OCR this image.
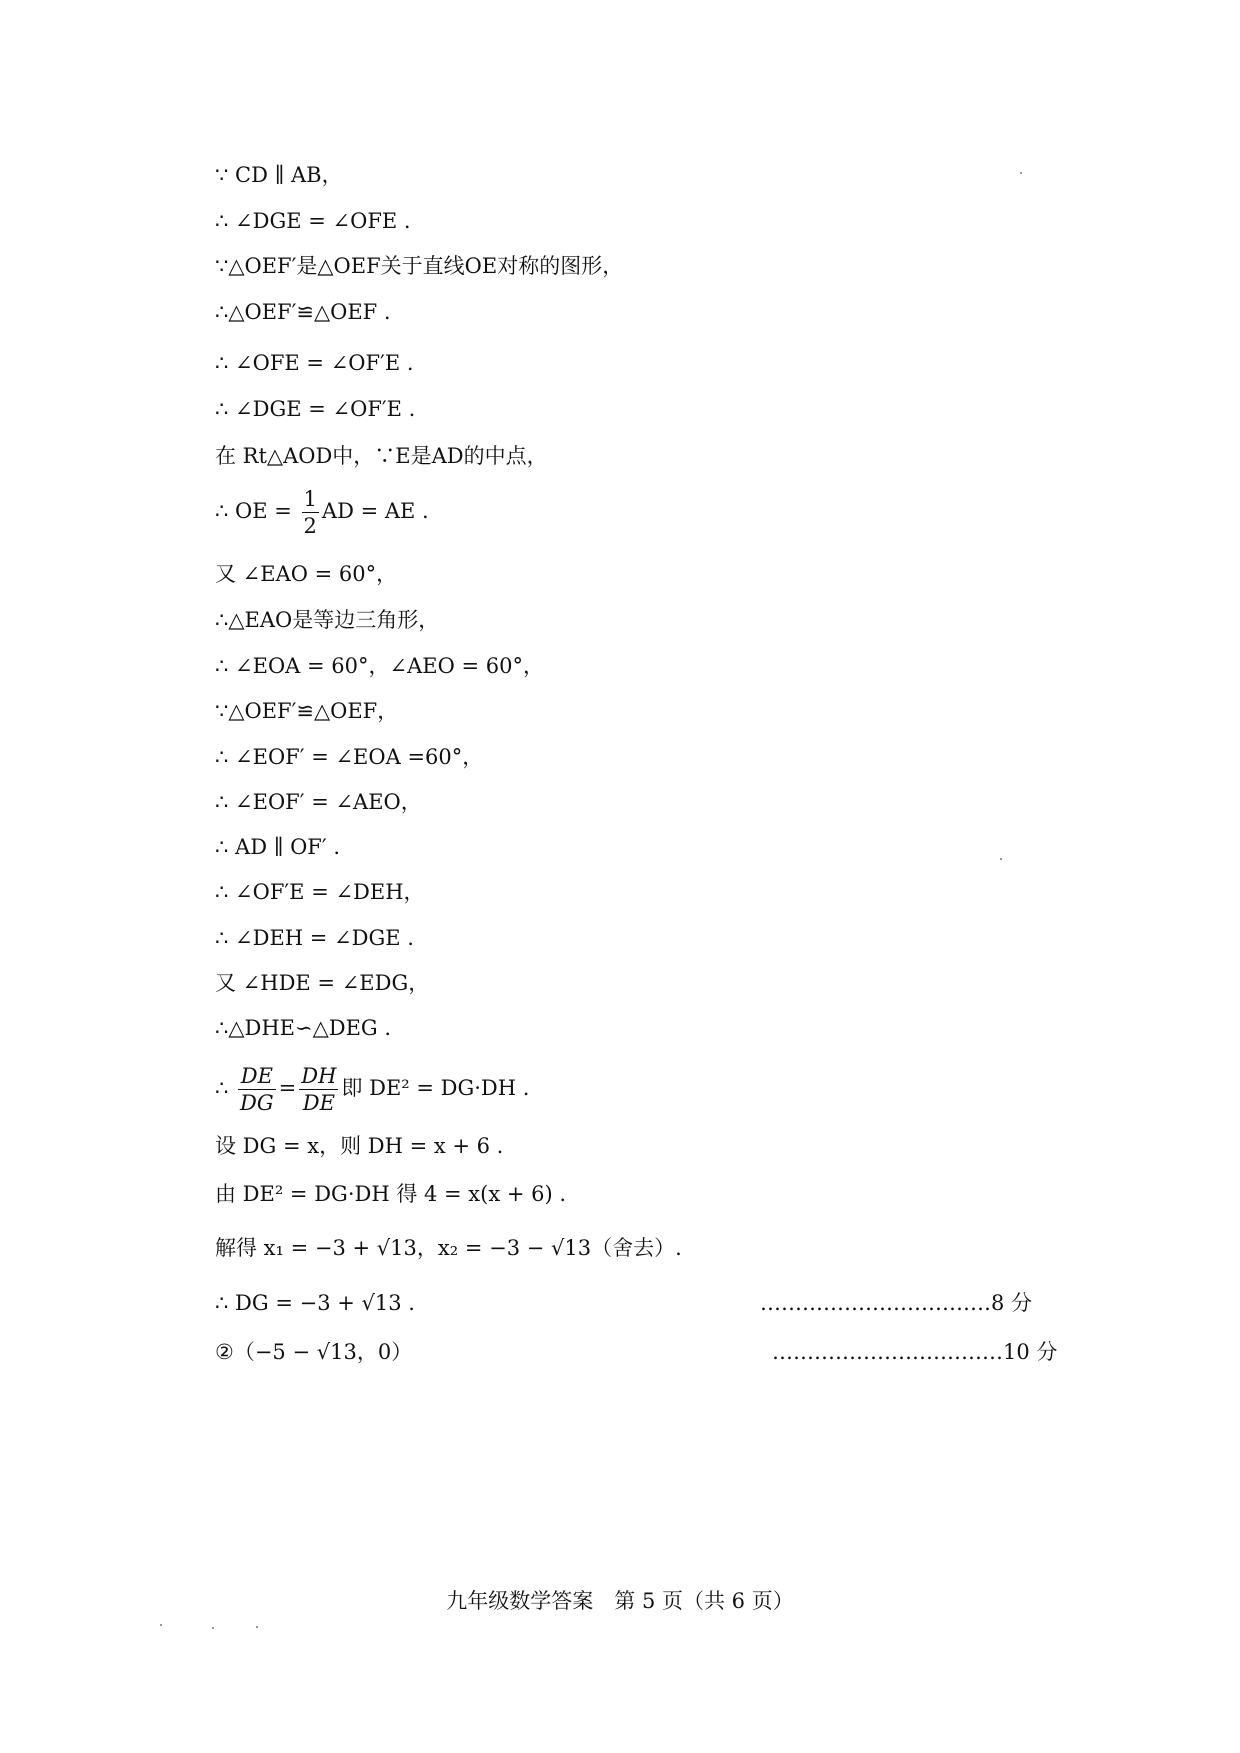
∵ CD ∥ AB，
∴ ∠DGE = ∠OFE .
∵△OEF′是△OEF关于直线OE对称的图形，
∴△OEF′≌△OEF .
∴ ∠OFE = ∠OF′E .
∴ ∠DGE = ∠OF′E .
在 Rt△AOD中，∵E是AD的中点，
∴ OE = $\frac{1}{2}$ AD = AE .
又 ∠EAO = 60°，
∴△EAO是等边三角形，
∴ ∠EOA = 60°，∠AEO = 60°，
∵△OEF′≌△OEF，
∴ ∠EOF′ = ∠EOA =60°，
∴ ∠EOF′ = ∠AEO，
∴ AD ∥ OF′ .
∴ ∠OF′E = ∠DEH，
∴ ∠DEH = ∠DGE .
又 ∠HDE = ∠EDG，
∴△DHE∽△DEG .
∴ $\frac{DE}{DG} = \frac{DH}{DE}$ 即 DE² = DG·DH .
设 DG = x，则 DH = x + 6 .
由 DE² = DG·DH 得 4 = x(x + 6) .
解得 x₁ = −3 + √13，x₂ = −3 − √13（舍去）.
∴ DG = −3 + √13 .	……………………………8 分
②（−5 − √13，0）	……………………………10 分
九年级数学答案　第 5 页（共 6 页）
